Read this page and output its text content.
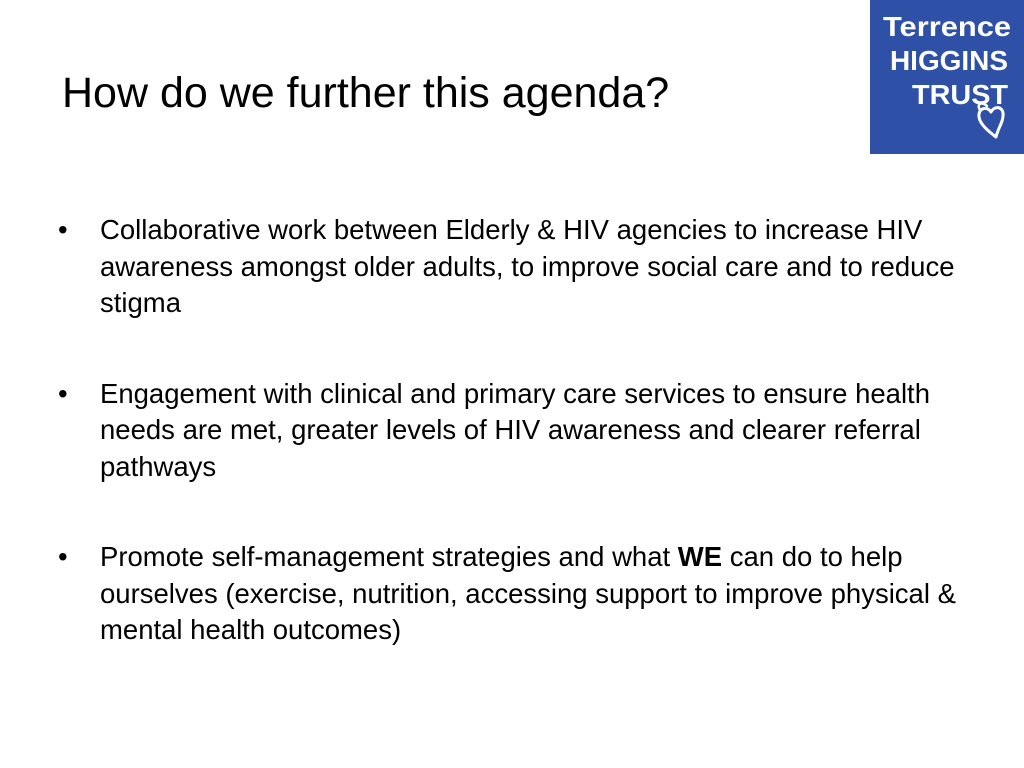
How do we further this agenda?
Terrence
HIGGINS
TRUST
• Collaborative work between Elderly & HIV agencies to increase HIV awareness amongst older adults, to improve social care and to reduce stigma
• Engagement with clinical and primary care services to ensure health needs are met, greater levels of HIV awareness and clearer referral pathways
• Promote self-management strategies and what WE can do to help ourselves (exercise, nutrition, accessing support to improve physical & mental health outcomes)
